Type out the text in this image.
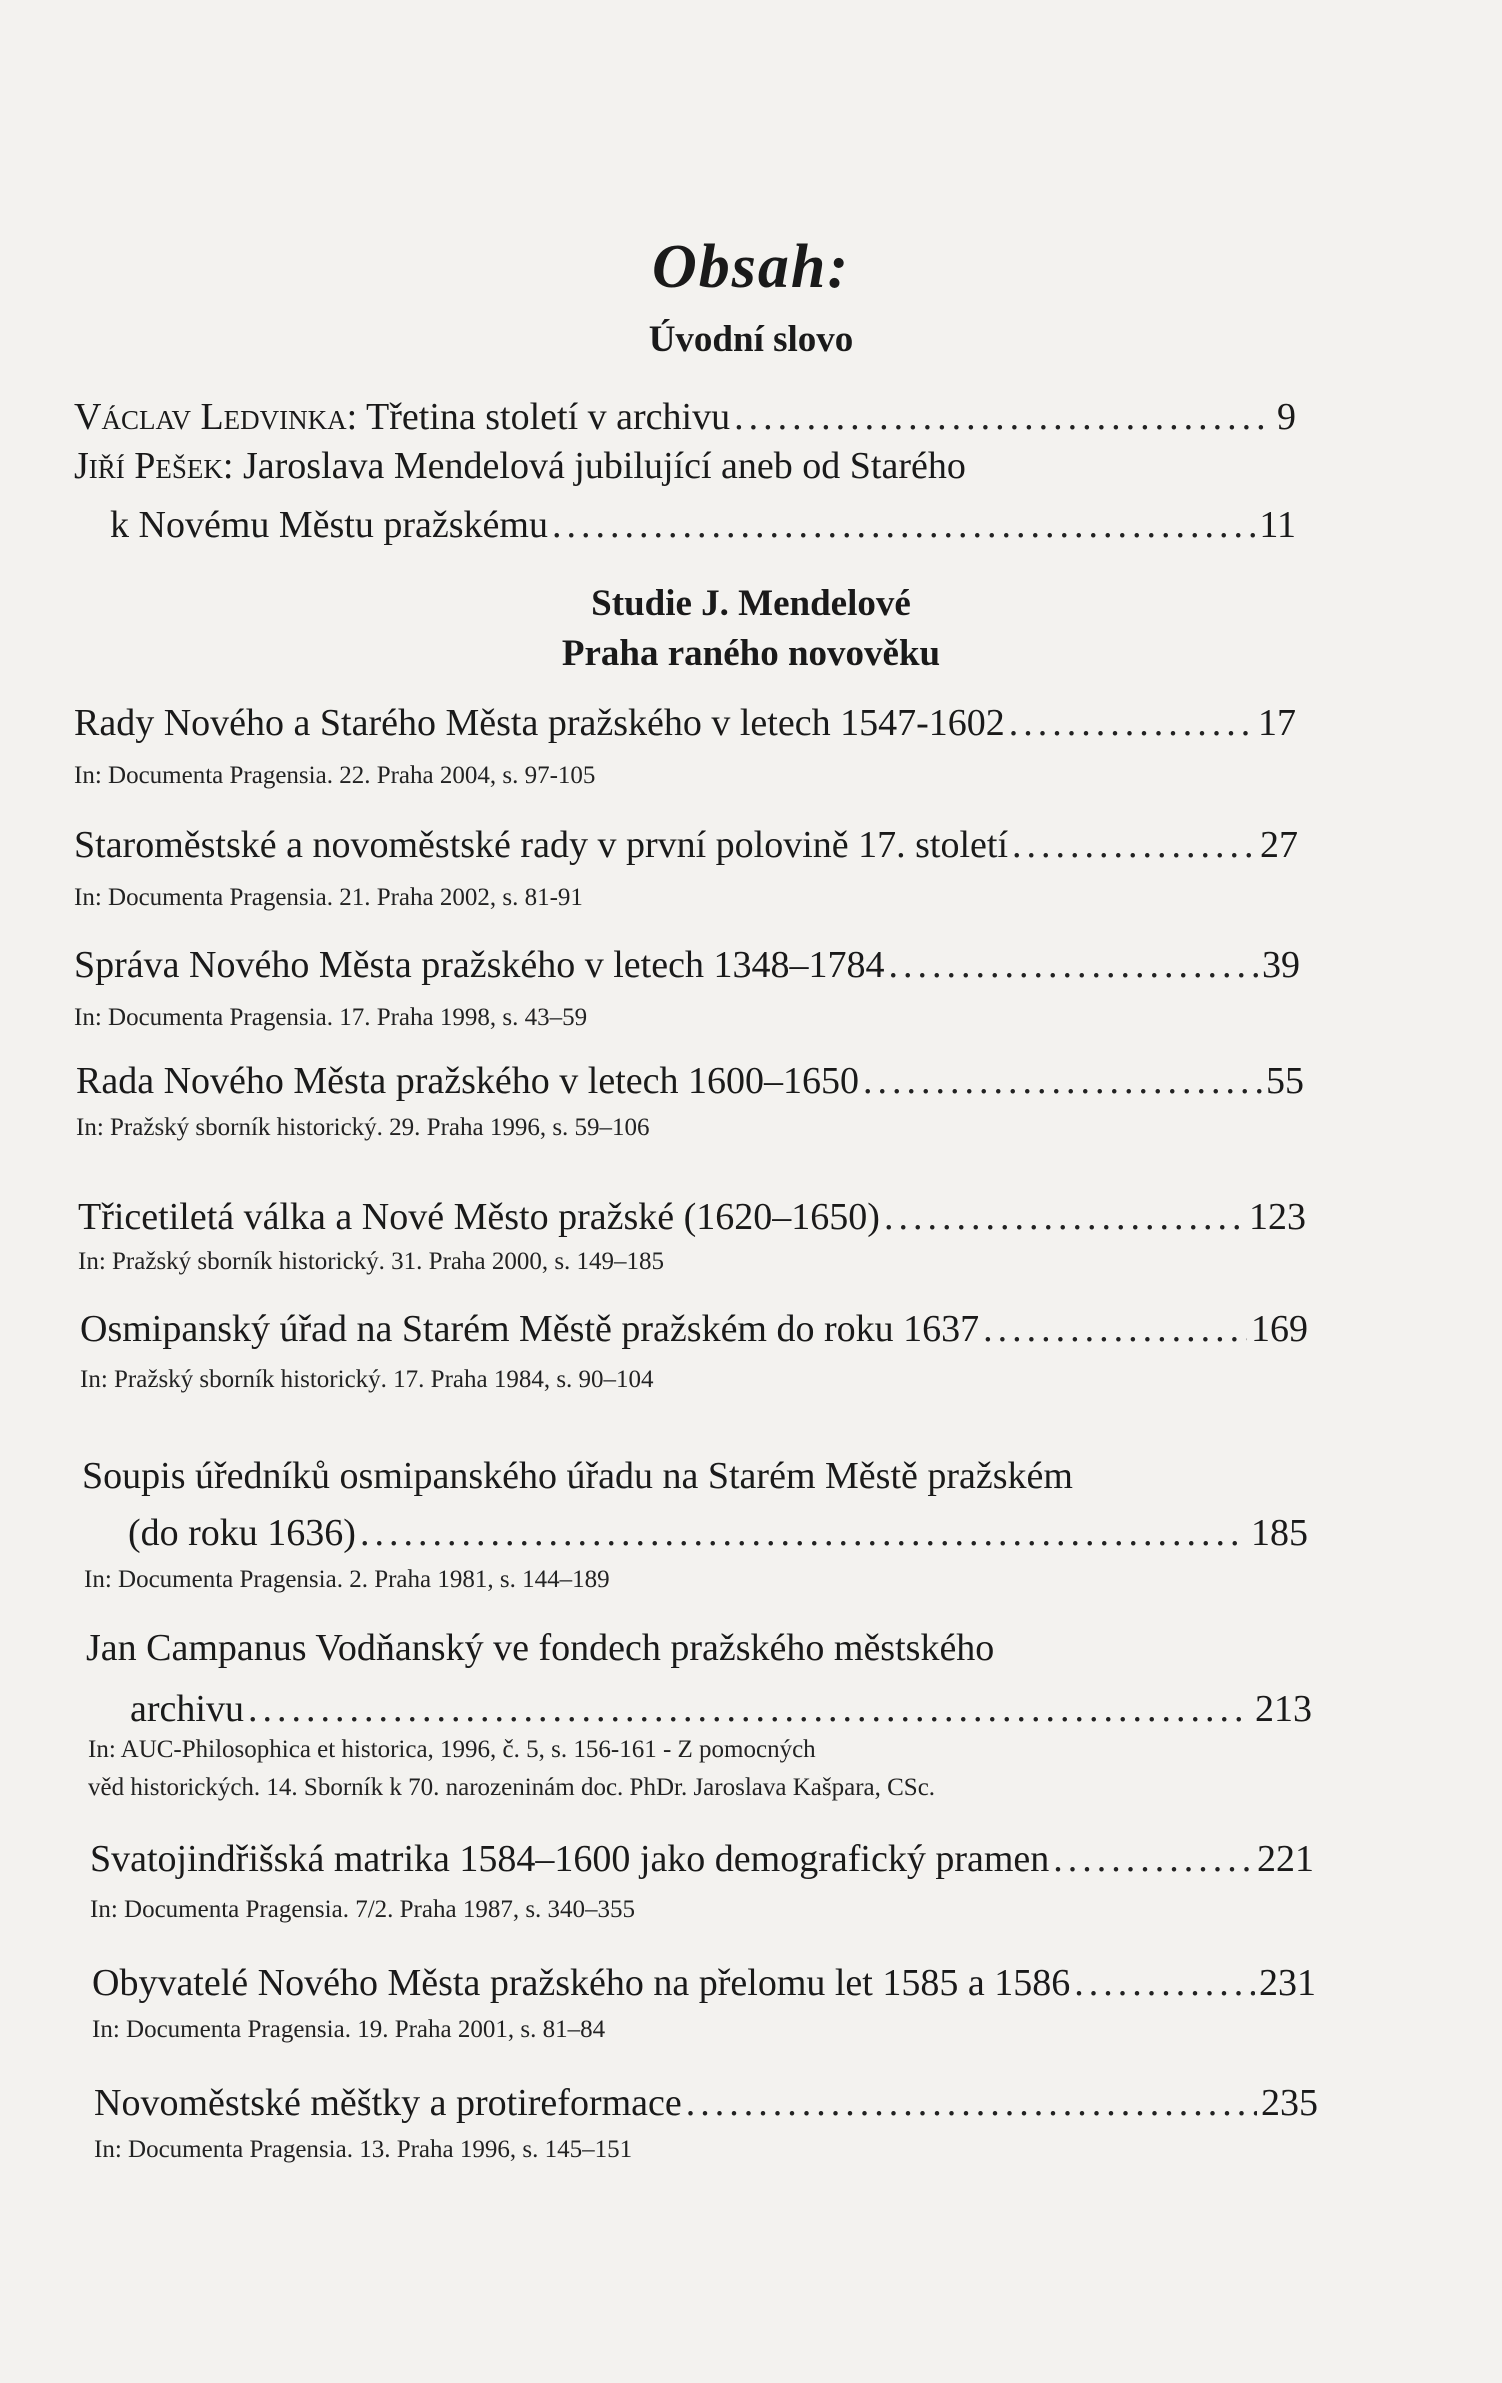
Obsah:
Úvodní slovo
Václav Ledvinka: Třetina století v archivu .....	9
Jiří Pešek: Jaroslava Mendelová jubilující aneb od Starého
k Novému Městu pražskému .....	11
Studie J. Mendelové
Praha raného novověku
Rady Nového a Starého Města pražského v letech 1547-1602 .....	17
In: Documenta Pragensia. 22. Praha 2004, s. 97-105
Staroměstské a novoměstské rady v první polovině 17. století .....	27
In: Documenta Pragensia. 21. Praha 2002, s. 81-91
Správa Nového Města pražského v letech 1348–1784 .....	39
In: Documenta Pragensia. 17. Praha 1998, s. 43–59
Rada Nového Města pražského v letech 1600–1650 .....	55
In: Pražský sborník historický. 29. Praha 1996, s. 59–106
Třicetiletá válka a Nové Město pražské (1620–1650) .....	123
In: Pražský sborník historický. 31. Praha 2000, s. 149–185
Osmipanský úřad na Starém Městě pražském do roku 1637 .....	169
In: Pražský sborník historický. 17. Praha 1984, s. 90–104
Soupis úředníků osmipanského úřadu na Starém Městě pražském
(do roku 1636) .....	185
In: Documenta Pragensia. 2. Praha 1981, s. 144–189
Jan Campanus Vodňanský ve fondech pražského městského
archivu .....	213
In: AUC-Philosophica et historica, 1996, č. 5, s. 156-161 - Z pomocných
věd historických. 14. Sborník k 70. narozeninám doc. PhDr. Jaroslava Kašpara, CSc.
Svatojindřišská matrika 1584–1600 jako demografický pramen .....	221
In: Documenta Pragensia. 7/2. Praha 1987, s. 340–355
Obyvatelé Nového Města pražského na přelomu let 1585 a 1586 .....	231
In: Documenta Pragensia. 19. Praha 2001, s. 81–84
Novoměstské měštky a protireformace .....	235
In: Documenta Pragensia. 13. Praha 1996, s. 145–151
